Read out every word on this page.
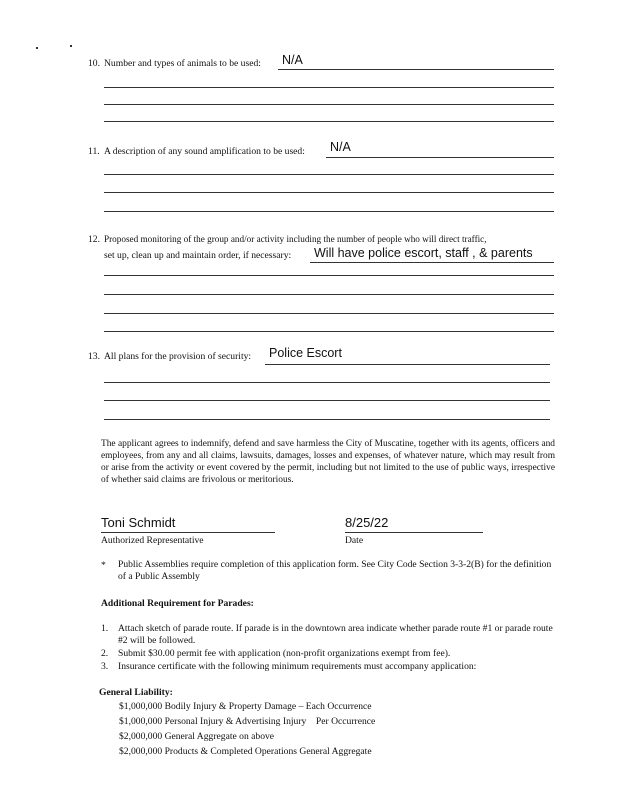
10. Number and types of animals to be used: N/A
11. A description of any sound amplification to be used: N/A
12. Proposed monitoring of the group and/or activity including the number of people who will direct traffic,
set up, clean up and maintain order, if necessary: Will have police escort, staff , & parents
13. All plans for the provision of security: Police Escort
The applicant agrees to indemnify, defend and save harmless the City of Muscatine, together with its agents, officers and employees, from any and all claims, lawsuits, damages, losses and expenses, of whatever nature, which may result from or arise from the activity or event covered by the permit, including but not limited to the use of public ways, irrespective of whether said claims are frivolous or meritorious.
Toni Schmidt
Authorized Representative
8/25/22
Date
* Public Assemblies require completion of this application form. See City Code Section 3-3-2(B) for the definition of a Public Assembly
Additional Requirement for Parades:
1. Attach sketch of parade route. If parade is in the downtown area indicate whether parade route #1 or parade route #2 will be followed.
2. Submit $30.00 permit fee with application (non-profit organizations exempt from fee).
3. Insurance certificate with the following minimum requirements must accompany application:
General Liability:
$1,000,000 Bodily Injury & Property Damage – Each Occurrence
$1,000,000 Personal Injury & Advertising Injury    Per Occurrence
$2,000,000 General Aggregate on above
$2,000,000 Products & Completed Operations General Aggregate
